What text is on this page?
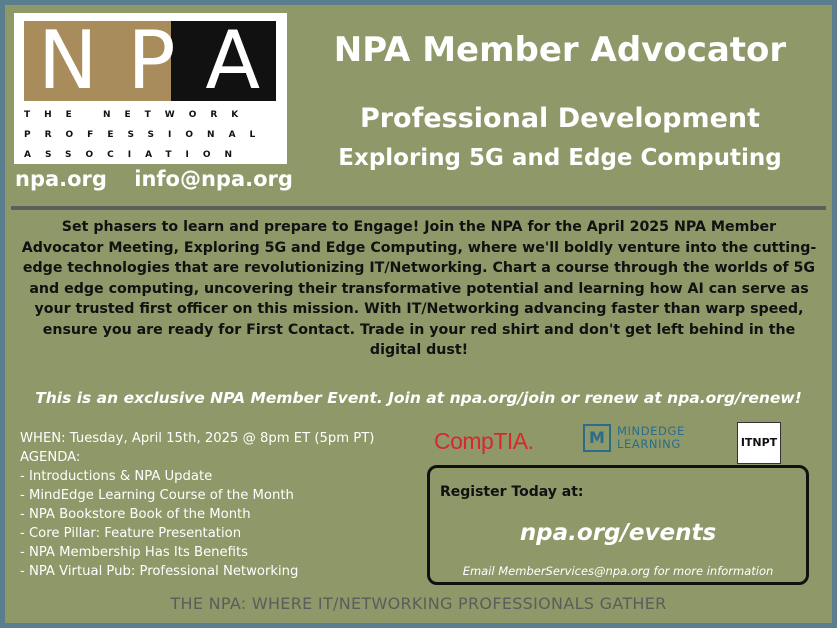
N P A
THE NETWORK
PROFESSIONAL
ASSOCIATION
npa.org info@npa.org
NPA Member Advocator
Professional Development
Exploring 5G and Edge Computing
Set phasers to learn and prepare to Engage! Join the NPA for the April 2025 NPA Member Advocator Meeting, Exploring 5G and Edge Computing, where we'll boldly venture into the cutting-edge technologies that are revolutionizing IT/Networking. Chart a course through the worlds of 5G and edge computing, uncovering their transformative potential and learning how AI can serve as your trusted first officer on this mission. With IT/Networking advancing faster than warp speed, ensure you are ready for First Contact. Trade in your red shirt and don't get left behind in the digital dust!
This is an exclusive NPA Member Event. Join at npa.org/join or renew at npa.org/renew!
WHEN: Tuesday, April 15th, 2025 @ 8pm ET (5pm PT)
AGENDA:
- Introductions & NPA Update
- MindEdge Learning Course of the Month
- NPA Bookstore Book of the Month
- Core Pillar: Feature Presentation
- NPA Membership Has Its Benefits
- NPA Virtual Pub: Professional Networking
CompTIA.	M	MINDEDGE
LEARNING	ITNPT
Register Today at:
npa.org/events
Email MemberServices@npa.org for more information
THE NPA: WHERE IT/NETWORKING PROFESSIONALS GATHER
